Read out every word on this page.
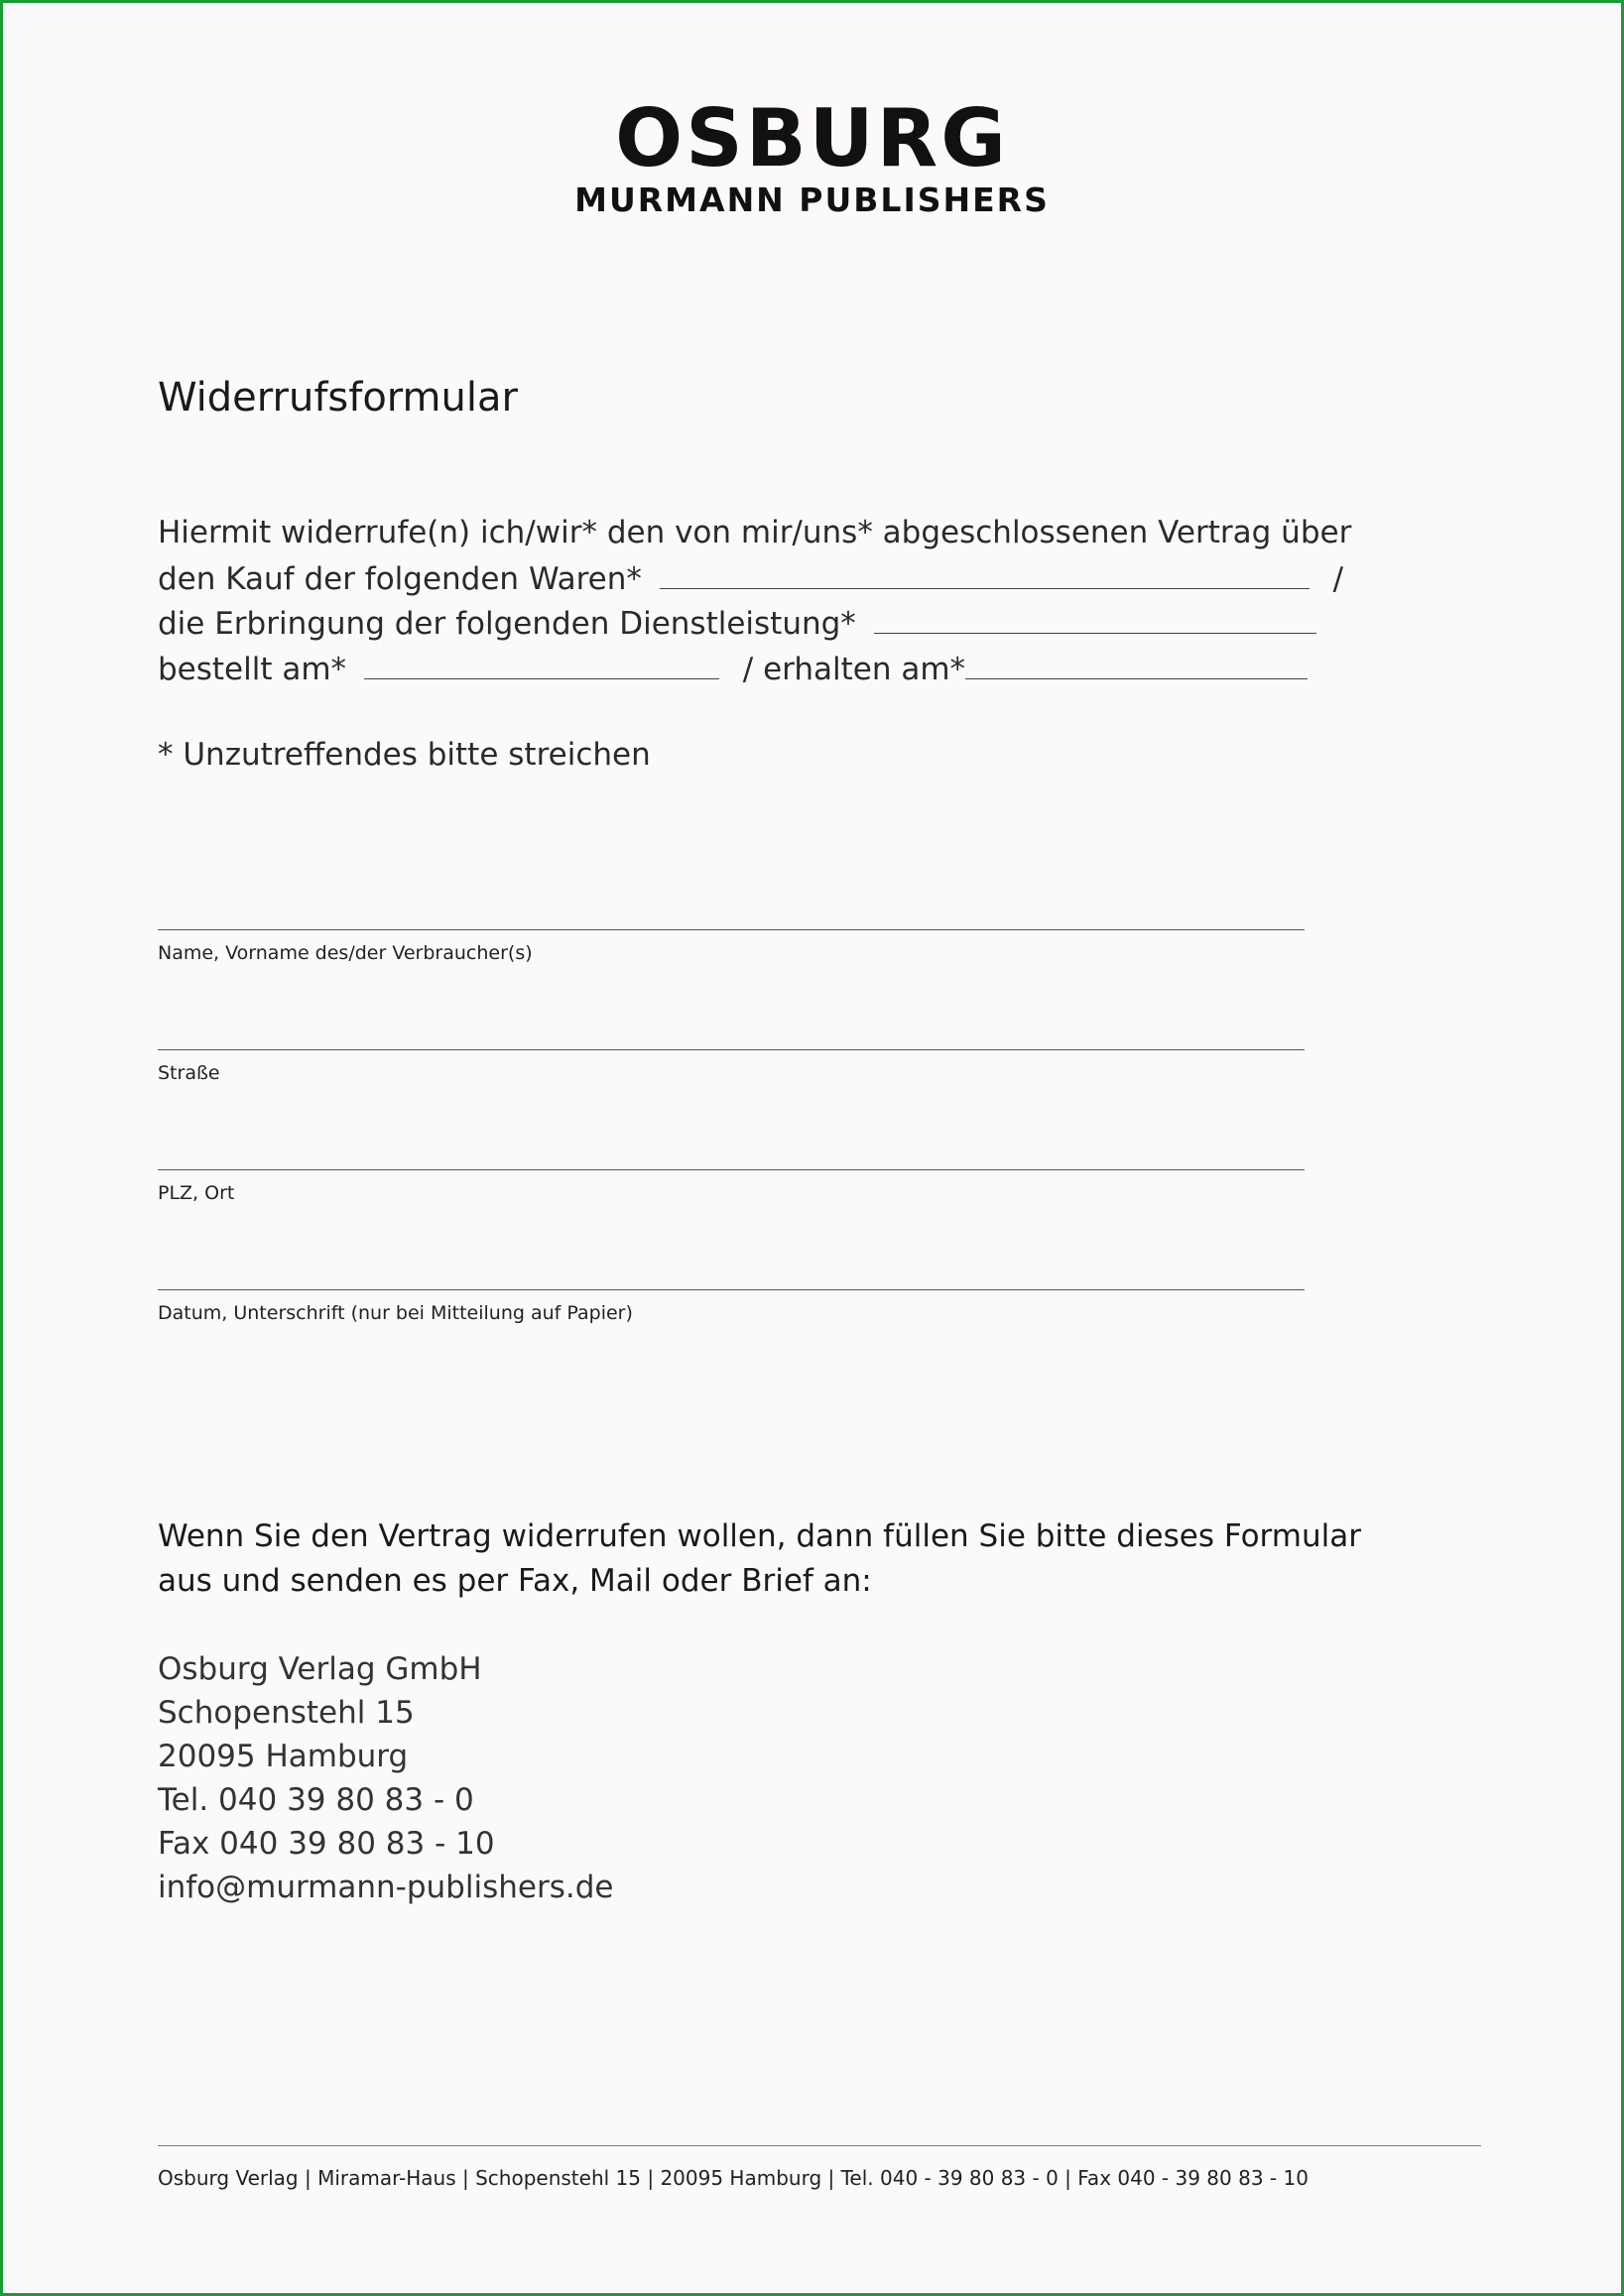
OSBURG
MURMANN PUBLISHERS
Widerrufsformular
Hiermit widerrufe(n) ich/wir* den von mir/uns* abgeschlossenen Vertrag über
den Kauf der folgenden Waren*	/
die Erbringung der folgenden Dienstleistung*
bestellt am*	/ erhalten am*
* Unzutreffendes bitte streichen
Name, Vorname des/der Verbraucher(s)
Straße
PLZ, Ort
Datum, Unterschrift (nur bei Mitteilung auf Papier)
Wenn Sie den Vertrag widerrufen wollen, dann füllen Sie bitte dieses Formular
aus und senden es per Fax, Mail oder Brief an:
Osburg Verlag GmbH
Schopenstehl 15
20095 Hamburg
Tel. 040 39 80 83 - 0
Fax 040 39 80 83 - 10
info@murmann-publishers.de
Osburg Verlag | Miramar-Haus | Schopenstehl 15 | 20095 Hamburg | Tel. 040 - 39 80 83 - 0 | Fax 040 - 39 80 83 - 10
